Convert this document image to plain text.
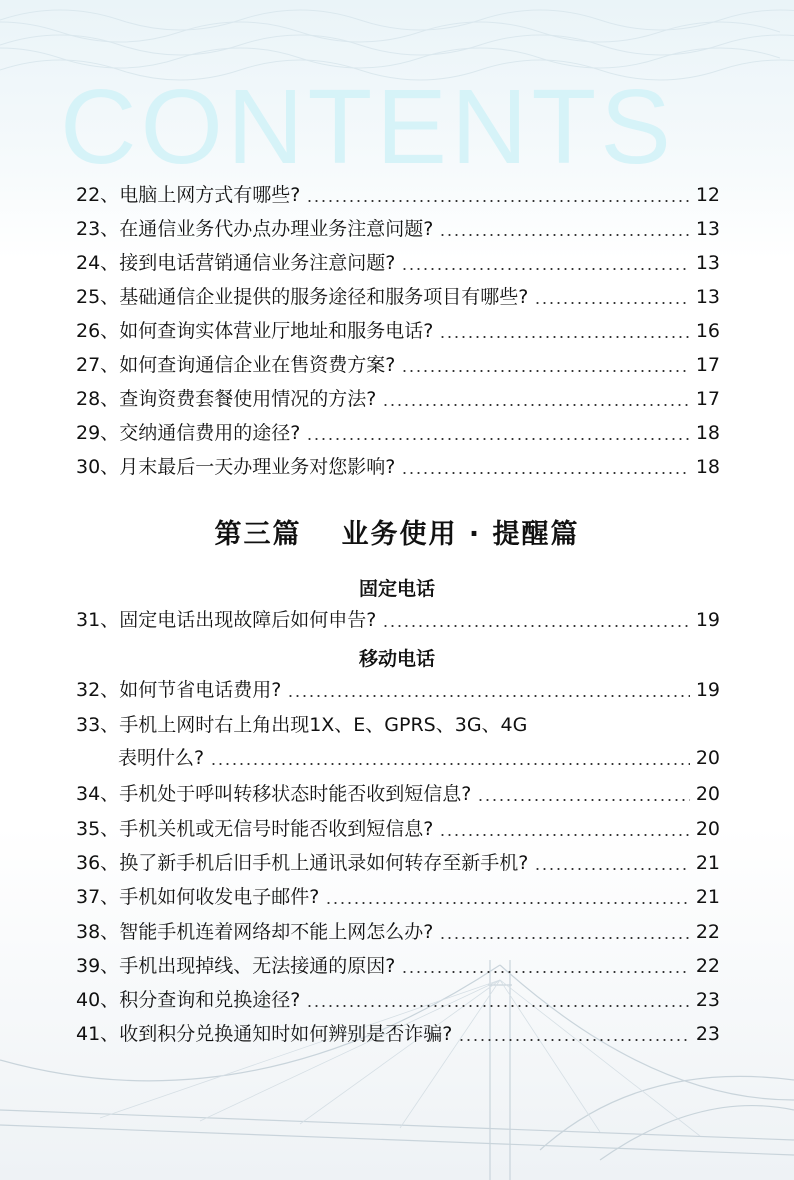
CONTENTS
22、电脑上网方式有哪些?	12
23、在通信业务代办点办理业务注意问题?	13
24、接到电话营销通信业务注意问题?	13
25、基础通信企业提供的服务途径和服务项目有哪些?	13
26、如何查询实体营业厅地址和服务电话?	16
27、如何查询通信企业在售资费方案?	17
28、查询资费套餐使用情况的方法?	17
29、交纳通信费用的途径?	18
30、月末最后一天办理业务对您影响?	18
第三篇 业务使用 · 提醒篇
固定电话
31、固定电话出现故障后如何申告?	19
移动电话
32、如何节省电话费用?	19
33、手机上网时右上角出现1X、E、GPRS、3G、4G
表明什么?	20
34、手机处于呼叫转移状态时能否收到短信息?	20
35、手机关机或无信号时能否收到短信息?	20
36、换了新手机后旧手机上通讯录如何转存至新手机?	21
37、手机如何收发电子邮件?	21
38、智能手机连着网络却不能上网怎么办?	22
39、手机出现掉线、无法接通的原因?	22
40、积分查询和兑换途径?	23
41、收到积分兑换通知时如何辨别是否诈骗?	23
